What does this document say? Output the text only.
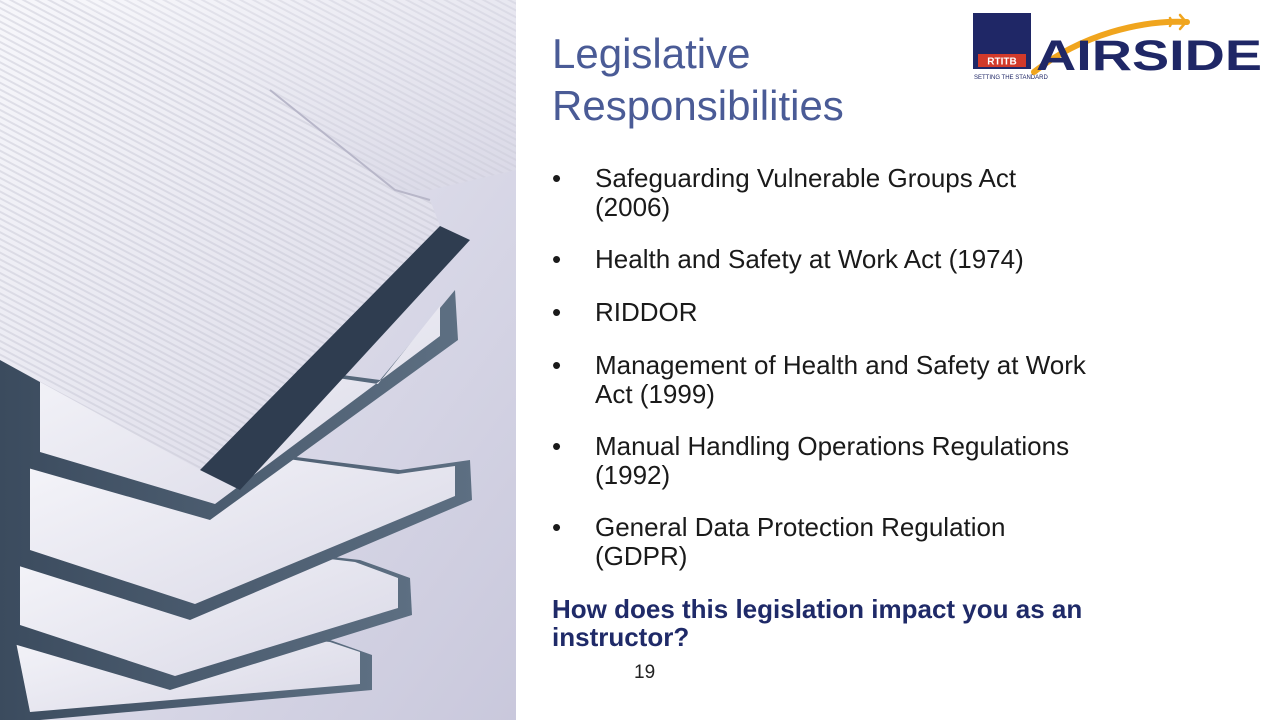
Legislative
Responsibilities
RTITB
SETTING THE STANDARD
AIRSIDE
• Safeguarding Vulnerable Groups Act (2006)
• Health and Safety at Work Act (1974)
• RIDDOR
• Management of Health and Safety at Work Act (1999)
• Manual Handling Operations Regulations (1992)
• General Data Protection Regulation (GDPR)

How does this legislation impact you as an instructor?

19
